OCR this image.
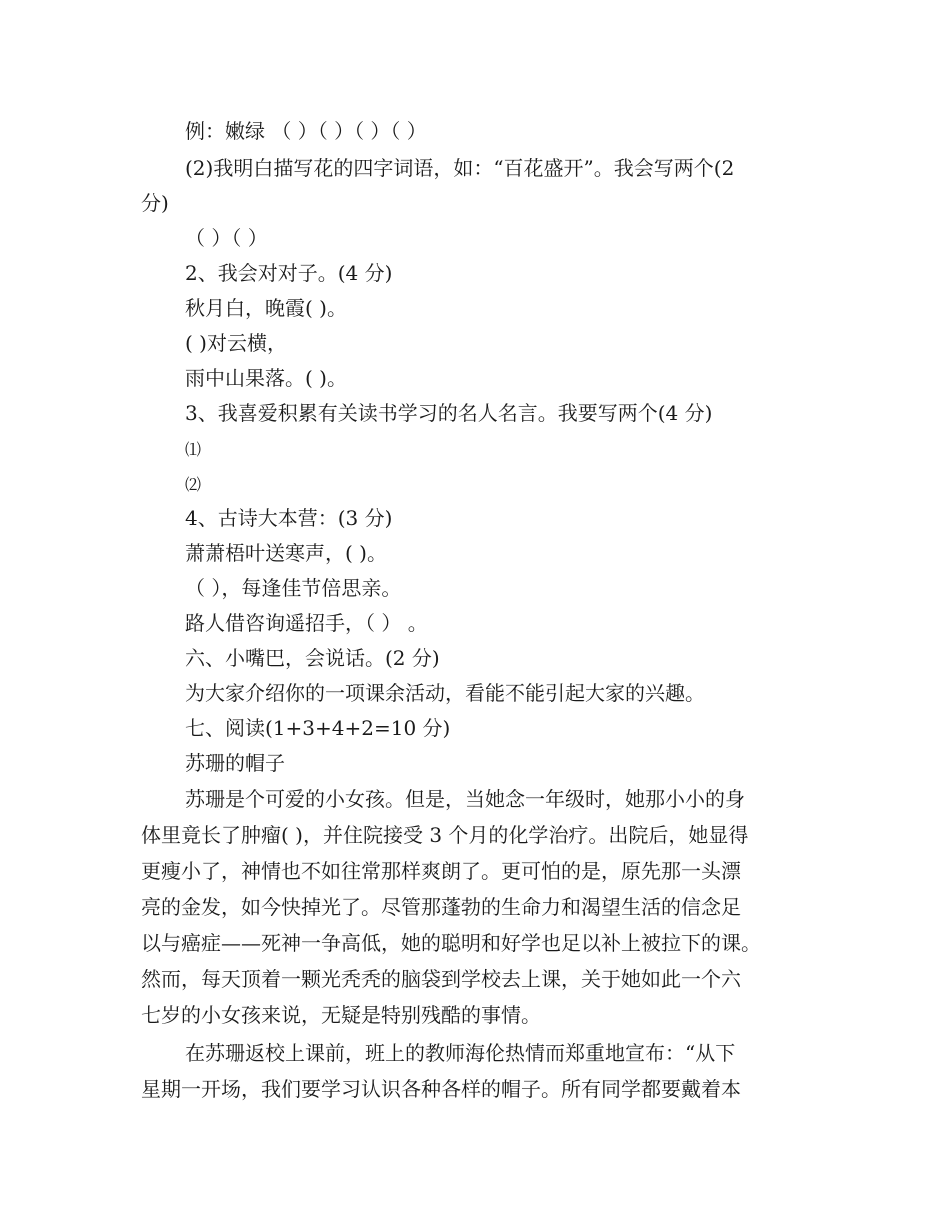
例：嫩绿 （ ）（ ）（ ）（ ）
(2)我明白描写花的四字词语，如：“百花盛开”。我会写两个(2
分)
（ ）（ ）
2、我会对对子。(4 分)
秋月白，晚霞( )。
( )对云横，
雨中山果落。( )。
3、我喜爱积累有关读书学习的名人名言。我要写两个(4 分)
⑴
⑵
4、古诗大本营：(3 分)
萧萧梧叶送寒声，( )。
（ ），每逢佳节倍思亲。
路人借咨询遥招手，（ ） 。
六、小嘴巴，会说话。(2 分)
为大家介绍你的一项课余活动，看能不能引起大家的兴趣。
七、阅读(1+3+4+2=10 分)
苏珊的帽子
苏珊是个可爱的小女孩。但是，当她念一年级时，她那小小的身
体里竟长了肿瘤( )，并住院接受 3 个月的化学治疗。出院后，她显得
更瘦小了，神情也不如往常那样爽朗了。更可怕的是，原先那一头漂
亮的金发，如今快掉光了。尽管那蓬勃的生命力和渴望生活的信念足
以与癌症——死神一争高低，她的聪明和好学也足以补上被拉下的课。
然而，每天顶着一颗光秃秃的脑袋到学校去上课，关于她如此一个六
七岁的小女孩来说，无疑是特别残酷的事情。
在苏珊返校上课前，班上的教师海伦热情而郑重地宣布：“从下
星期一开场，我们要学习认识各种各样的帽子。所有同学都要戴着本
